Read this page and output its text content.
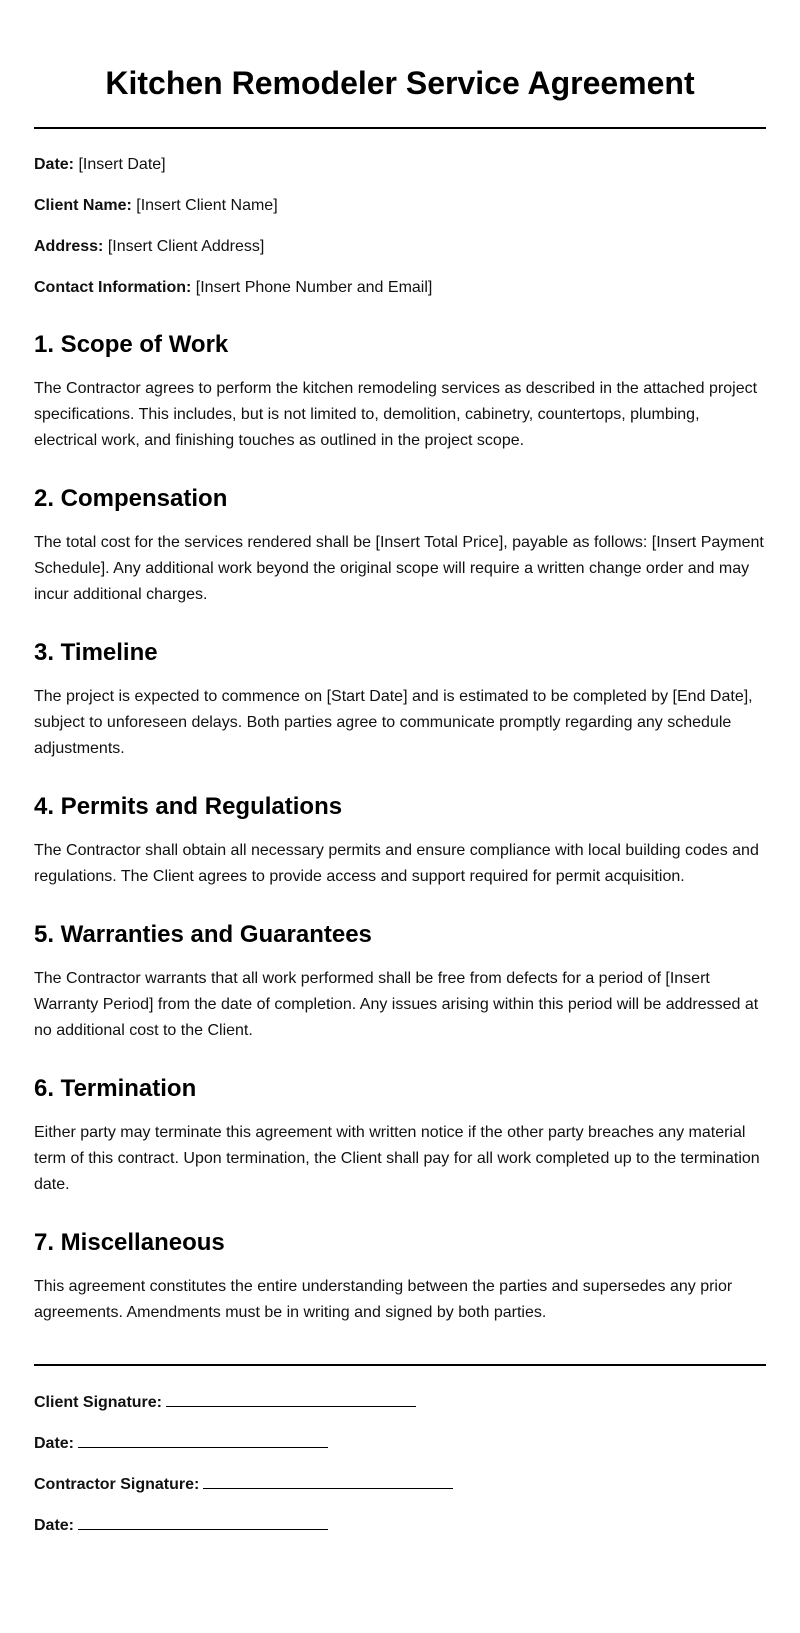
Kitchen Remodeler Service Agreement
Date: [Insert Date]
Client Name: [Insert Client Name]
Address: [Insert Client Address]
Contact Information: [Insert Phone Number and Email]
1. Scope of Work

The Contractor agrees to perform the kitchen remodeling services as described in the attached project specifications. This includes, but is not limited to, demolition, cabinetry, countertops, plumbing, electrical work, and finishing touches as outlined in the project scope.

2. Compensation

The total cost for the services rendered shall be [Insert Total Price], payable as follows: [Insert Payment Schedule]. Any additional work beyond the original scope will require a written change order and may incur additional charges.

3. Timeline

The project is expected to commence on [Start Date] and is estimated to be completed by [End Date], subject to unforeseen delays. Both parties agree to communicate promptly regarding any schedule adjustments.

4. Permits and Regulations

The Contractor shall obtain all necessary permits and ensure compliance with local building codes and regulations. The Client agrees to provide access and support required for permit acquisition.

5. Warranties and Guarantees

The Contractor warrants that all work performed shall be free from defects for a period of [Insert Warranty Period] from the date of completion. Any issues arising within this period will be addressed at no additional cost to the Client.

6. Termination

Either party may terminate this agreement with written notice if the other party breaches any material term of this contract. Upon termination, the Client shall pay for all work completed up to the termination date.

7. Miscellaneous

This agreement constitutes the entire understanding between the parties and supersedes any prior agreements. Amendments must be in writing and signed by both parties.

Client Signature:
Date:
Contractor Signature:
Date:
